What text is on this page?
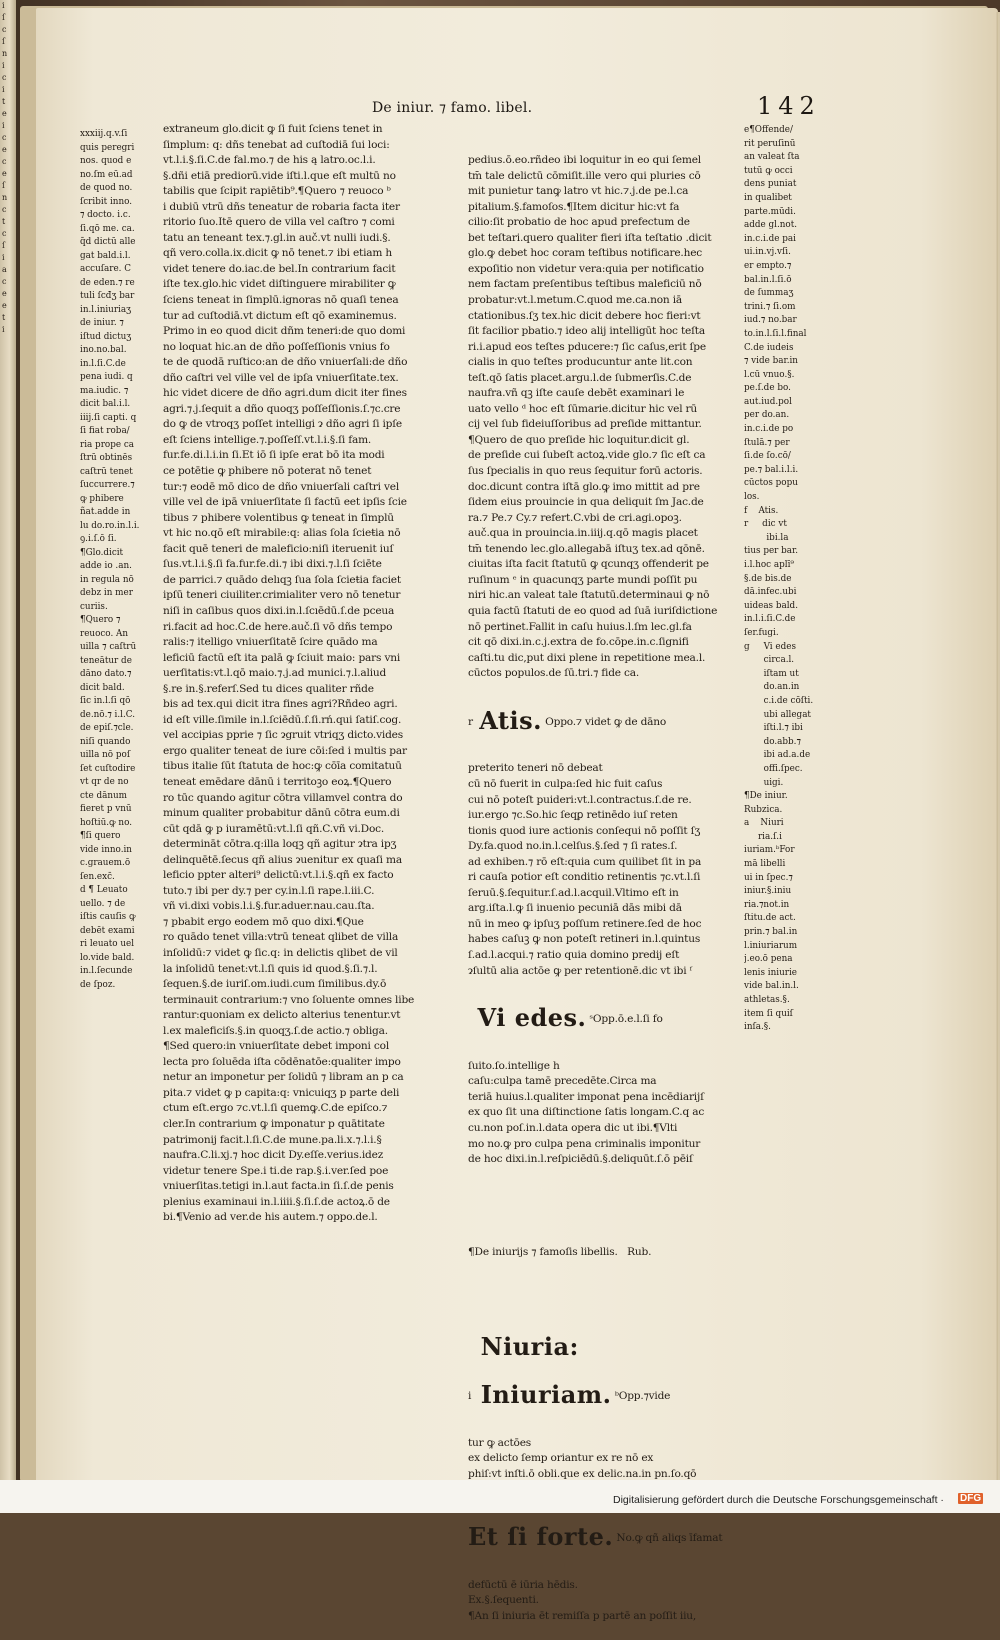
i
ſ
c
ſ
n
i
c
i
t
e
i
c
e
c
e
ſ
n
c
t
c
ſ
i
a
c
e
e
t
i
De iniur. ⁊ famo. libel.	142
xxxiij.q.v.ſi
quis peregri
nos. quod e
no.ſm eū.ad
de quod no.
ſcribit inno.
⁊ docto. i.c.
ſi.qō me. ca.
q̄d dictū alle
gat bald.i.l.
accuſare. C
de eden.⁊ re
tuli ſcđʒ bar
in.l.iniuriaʒ
de iniur. ⁊
iſtud dictuʒ
ino.no.bal.
in.l.ſi.C.de
pena iudi. q
ma.iudic. ⁊
dicit bal.i.l.
iiij.ſi capti. q
ſi fiat roba/
ria prope ca
ſtrū obtinēs
caſtrū tenet
ſuccurrere.⁊
ꝙ phibere
ñat.adde in
lu do.ro.in.l.i.
ꝯ.i.ſ.ō ſi.
¶Glo.dicit
adde io .an.
in regula nō
debz in mer
curiis.
¶Quero ⁊
reuoco. An
uilla ⁊ caſtrū
teneātur de
dāno dato.⁊
dicit bald.
ſic in.l.ſi qō
de.nō.⁊ i.l.C.
de epiſ.⁊cle.
niſi quando
uilla nō poſ
ſet cuſtodire
vt qr de no
cte dānum
fieret p vnū
hoſtiū.ꝙ no.
¶ſi quero
vide inno.in
c.grauem.ō
ſen.exc̄.
d ¶ Leuato
uello. ⁊ de
iſtis cauſis ꝙ
debēt exami
ri leuato uel
lo.vide bald.
in.l.ſecunde
de ſpoz.
extraneum glo.dicit ꝙ ſi fuit ſciens tenet in
ſimplum: q: dñs tenebat ad cuſtodiā ſui loci:
vt.l.i.§.ſi.C.de fal.mo.⁊ de his ą latro.oc.l.i.
§.dñi etiā prediorū.vide iſti.l.que eſt multū no
tabilis que ſcipit rapiētib⁹.¶Quero ⁊ reuoco ᵇ
i dubiū vtrū dñs teneatur de robaria facta iter
ritorio ſuo.Itē quero de villa vel caſtro ⁊ comi
tatu an teneant tex.⁊.gl.in auč.vt nulli iudi.§.
qñ vero.colla.ix.dicit ꝙ nō tenet.⁊ ibi etiam h
videt tenere do.iac.de bel.In contrarium facit
iſte tex.glo.hic videt diſtinguere mirabiliter ꝙ
ſciens teneat in ſimplū.ignoras nō quaſi tenea
tur ad cuſtodiā.vt dictum eſt qō examinemus.
Primo in eo quod dicit dñm teneri:de quo domi
no loquat hic.an de dño poſſeſſionis vnius fo
te de quodā ruſtico:an de dño vniuerſali:de dño
dño caſtri vel ville vel de ipſa vniuerſitate.tex.
hic videt dicere de dño agri.dum dicit iter fines
agri.⁊.j.ſequit a dño quoqʒ poſſeſſionis.ſ.⁊c.cre
do ꝙ de vtroqʒ poſſet intelligi ɂ dño agri ſi ipſe
eſt ſciens intellige.⁊.poſſeſſ.vt.l.i.§.ſi fam.
fur.fe.di.l.i.in ſi.Et iō ſi ipſe erat bō ita modi
ce potētie ꝙ phibere nō poterat nō tenet
tur:⁊ eodē mō dico de dño vniuerſali caſtri vel
ville vel de ipā vniuerſitate ſi factū eet ipſis ſcie
tibus ⁊ phibere volentibus ꝙ teneat in ſimplū
vt hic no.qō eſt mirabile:q: alias ſola ſcieŧia nō
facit quē teneri de maleficio:niſi iteruenit iuſ
ſus.vt.l.i.§.ſi fa.fur.fe.di.⁊ ibi dixi.⁊.l.ſi ſciēte
de parrici.⁊ quādo delıqꝫ ſua ſola ſcieŧia faciet
ipſū teneri ciuiliter.crimialiter vero nō tenetur
niſi in caſibus quos dixi.in.l.ſcıēdū.ſ.de pceua
ri.facit ad hoc.C.de here.auč.ſi vō dñs tempo
ralis:⁊ itelligo vniuerſitatē ſcire quādo ma
leficiū factū eſt ita palā ꝙ ſciuit maio: pars vni
uerſitatis:vt.l.qō maio.⁊.j.ad munici.⁊.l.aliud
§.re in.§.referſ.Sed tu dices qualiter rñde
bis ad tex.qui dicit itra fines agri?Rñdeo agri.
id eſt ville.ſimile in.l.ſciēdū.ſ.ſi.rń.qui ſatiſ.cog.
vel accipias pprie ⁊ ſic ɂgruit vtriqʒ dicto.vides
ergo qualiter teneat de iure cōi:ſed i multis par
tibus italie ſūt ſtatuta de hoc:ꝙ cōīa comitatuū
teneat emēdare dānū i territoꝫo eoꝝ.¶Quero
ro tūc quando agitur cōtra villamvel contra do
minum qualiter probabitur dānū cōtra eum.di
cūt qdā ꝙ p iuramētū:vt.l.ſi qñ.C.vñ vi.Doc.
determināt cōtra.q:illa loqꝫ qñ agitur ɂtra ipʒ
delinquētē.ſecus qñ alius ɂuenitur ex quaſi ma
leficio ppter alteri⁹ delictū:vt.l.i.§.qñ ex facto
tuto.⁊ ibi per dy.⁊ per cy.in.l.ſi rape.l.iii.C.
vñ vi.dixi vobis.l.i.§.fur.aduer.nau.cau.ſta.
⁊ pbabit ergo eodem mō quo dixi.¶Que
ro quādo tenet villa:vtrū teneat qlibet de villa
inſolidū:⁊ videt ꝙ ſic.q: in delictis qlibet de vil
la inſolidū tenet:vt.l.ſi quis id quod.§.ſi.⁊.l.
ſequen.§.de iuriſ.om.iudi.cum ſimilibus.dy.ō
terminauit contrarium:⁊ vno ſoluente omnes libe
rantur:quoniam ex delicto alterius tenentur.vt
l.ex maleficiſs.§.in quoqʒ.ſ.de actio.⁊ obliga.
¶Sed quero:in vniuerſitate debet imponi col
lecta pro ſoluēda iſta cōdēnatōe:qualiter impo
netur an imponetur per ſolidū ⁊ libram an p ca
pita.⁊ videt ꝙ p capita:q: vnicuiqʒ p parte deli
ctum eſt.ergo ⁊c.vt.l.ſi quemꝙ.C.de epiſco.⁊
cler.In contrarium ꝙ imponatur p quātitate
patrimonij facit.l.ſi.C.de mune.pa.li.x.⁊.l.i.§
naufra.C.li.xj.⁊ hoc dicit Dy.eſſe.verius.idez
videtur tenere Spe.i ti.de rap.§.i.ver.ſed poe
vniuerſitas.tetigi in.l.aut facta.in ſi.ſ.de penis
plenius examinaui in.l.iiii.§.ſi.ſ.de actoꝝ.ō de
bi.¶Venio ad ver.de his autem.⁊ oppo.de.l.

pedius.ō.eo.rñdeo ibi loquitur in eo qui ſemel
tm̄ tale delictū cōmiſit.ille vero qui pluries cō
mit punietur tanꝙ latro vt hic.⁊.j.de pe.l.ca
pitalium.§.famoſos.¶Item dicitur hic:vt fa
cilio:ſit probatio de hoc apud prefectum de
bet teſtari.quero qualiter fieri iſta teſtatio .dicit
glo.ꝙ debet hoc coram teſtibus notificare.hec
expoſitio non videtur vera:quia per notificatio
nem factam preſentibus teſtibus maleficiū nō
probatur:vt.l.metum.C.quod me.ca.non iā
ctationibus.ſʒ tex.hic dicit debere hoc fieri:vt
ſit facilior pbatio.⁊ ideo alij intelligūt hoc teſta
ri.i.apud eos teſtes pducere:⁊ ſic caſus,erit ſpe
cialis in quo teſtes producuntur ante lit.con
teſt.qō ſatis placet.argu.l.de ſubmerſis.C.de
naufra.vñ qꝫ iſte cauſe debēt examinari le
uato vello ᵈ hoc eſt ſūmarie.dicitur hic vel rū
cij vel ſub fideiuſſoribus ad preſide mittantur.
¶Quero de quo preſide hic loquitur.dicit gl.
de preſide cui ſubeſt actoꝝ.vide glo.⁊ ſic eſt ca
ſus ſpecialis in quo reus ſequitur forū actoris.
doc.dicunt contra iſtā glo.ꝙ imo mittit ad pre
ſidem eius prouincie in qua deliquit ſm Jac.de
ra.⁊ Pe.⁊ Cy.⁊ refert.C.vbi de cri.agi.opoꝫ.
auč.qua in prouincia.in.iiij.q.qō magis placet
tm̄ tenendo lec.glo.allegabā iſtuʒ tex.ad qōnē.
ciuitas iſta facit ſtatutū ꝙ qcunqʒ offenderit pe
ruſinum ᵉ in quacunqʒ parte mundi poſſit pu
niri hic.an valeat tale ſtatutū.determinaui ꝙ nō
quia factū ſtatuti de eo quod ad ſuā iuriſdictione
nō pertinet.Fallit in caſu huius.l.ſm lec.gl.fa
cit qō dixi.in.c.j.extra de fo.cōpe.in.c.ſignifi
caſti.tu dic,put dixi plene in repetitione mea.l.
cūctos populos.de ſū.tri.⁊ fide ca.

r  Atis. Oppo.⁊ videt ꝙ de dāno

preterito teneri nō debeat
cū nō fuerit in culpa:ſed hic fuit caſus
cui nō poteſt puideri:vt.l.contractus.ſ.de re.
iur.ergo ⁊c.So.hic ſeqꝑ retinēdo iuſ reten
tionis quod iure actionis conſequi nō poſſit ſʒ
Dy.fa.quod no.in.l.celſus.§.ſed ⁊ ſi rates.ſ.
ad exhiben.⁊ rō eſt:quia cum quilibet ſit in pa
ri cauſa potior eſt conditio retinentis ⁊c.vt.l.ſi
ſeruū.§.ſequitur.ſ.ad.l.acquil.Vltimo eſt in
arg.iſta.l.ꝙ ſi inuenio pecuniā dās mibi dā
nū in meo ꝙ ipſuʒ poſſum retinere.ſed de hoc
habes caſuꝫ ꝙ non poteſt retineri in.l.quintus
ſ.ad.l.acqui.⁊ ratio quia domino predij eſt
ɂſultū alia actōe ꝙ per retentionē.dic vt ibi ᶠ

Vi edes. ˢOpp.ō.e.l.ſi fo

ſuito.ſo.intellige h
caſu:culpa tamē precedēte.Circa ma
teriā huius.l.qualiter imponat pena incēdiarijſ
ex quo ſit una diſtinctione ſatis longam.C.q ac
cu.non poſ.in.l.data opera dic ut ibi.¶Vlti
mo no.ꝙ pro culpa pena criminalis imponitur
de hoc dixi.in.l.reſpiciēdū.§.deliquūt.ſ.ō pēiſ

¶De iniurijs ⁊ famoſis libellis.   Rub.

Niuria:

i   Iniuriam. ᵇOpp.⁊vide

tur ꝙ actōes
ex delicto ſemp oriantur ex re nō ex
phiſ:vt inſti.ō obli.que ex delic.na.in pn.ſo.qō

Et ſi forte. No.ꝙ qñ aliqs īfamat

defūctū ē iūria hēdis.
Ex.§.ſequenti.
¶An ſi iniuria ēt remiſſa p partē an poſſit iiu,

e¶Offende/
rit peruſinū
an valeat ſta
tutū ꝙ occi
dens puniat
in qualibet
parte.mūdi.
adde gl.not.
in.c.i.de pai
ui.in.vj.vſi.
er empto.⁊
bal.in.l.ſi.ō
de ſummaʒ
trini.⁊ ſi.om
iud.⁊ no.bar
to.in.l.ſi.l.final
C.de iudeis
⁊ vide bar.in
l.cū vnuo.§.
pe.ſ.de bo.
aut.iud.pol
per do.an.
in.c.i.de po
ſtulā.⁊ per
ſi.de ſo.cō/
pe.⁊ bal.i.l.i.
cūctos popu
los.
f    Atis.
r     dic vt
ibi.la
tius per bar.
i.l.hoc aplī⁹
§.de bis.de
dā.infec.ubi
uideas bald.
in.l.i.ſi.C.de
ſer.fugi.
g     Vi edes
circa.l.
iſtam ut
do.an.in
c.i.de cōſti.
ubi allegat
iſti.l.⁊ ibi
do.abb.⁊
ibi ad.a.de
offi.ſpec.
uigi.
¶De iniur.
Rubzica.
a    Niuri
ria.ſ.i
iuriam.ᵇFor
mā libelli
ui in ſpec.⁊
iniur.§.iniu
ria.⁊not.in
ſtitu.de act.
prin.⁊ bal.in
l.iniuriarum
j.eo.ō pena
lenis iniurie
vide bal.in.l.
athletas.§.
item ſi quiſ
inſa.§.
Digitalisierung gefördert durch die Deutsche Forschungsgemeinschaft · DFG
